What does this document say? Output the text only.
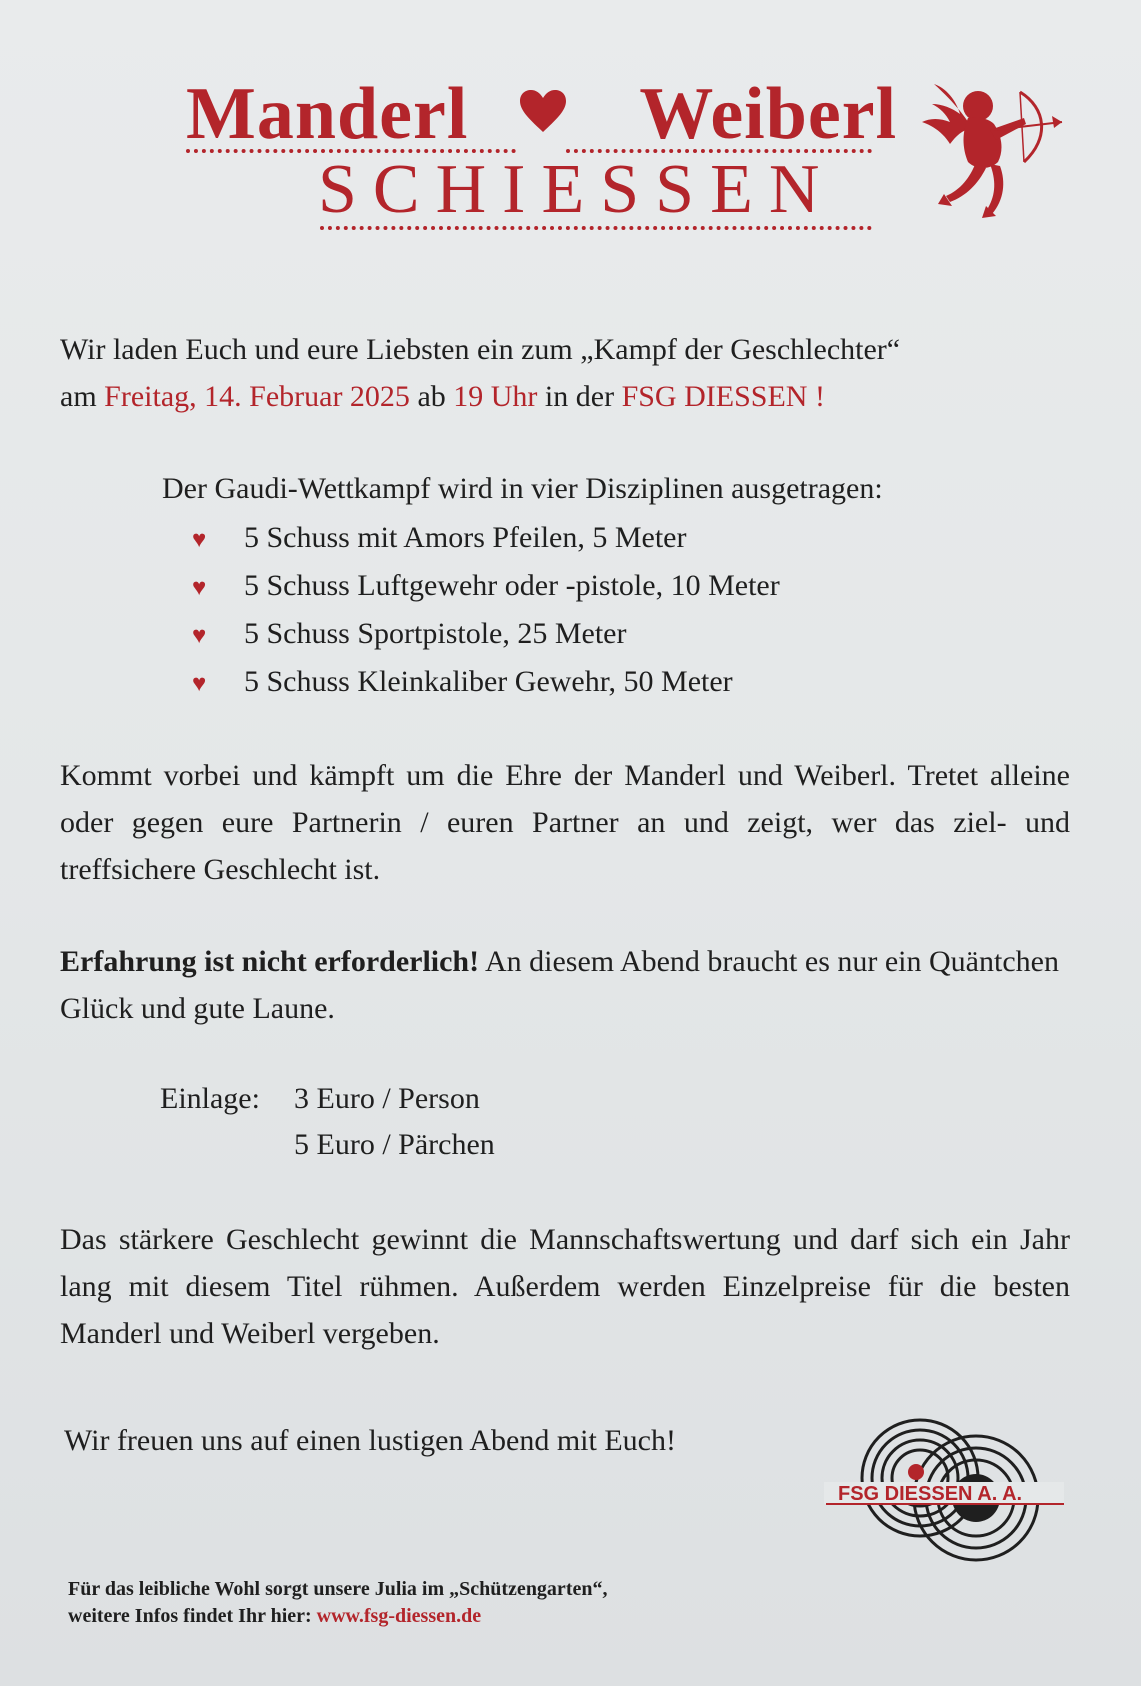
Manderl Weiberl
SCHIESSEN
Wir laden Euch und eure Liebsten ein zum „Kampf der Geschlechter“
am Freitag, 14. Februar 2025 ab 19 Uhr in der FSG DIESSEN !
Der Gaudi-Wettkampf wird in vier Disziplinen ausgetragen:
♥ 5 Schuss mit Amors Pfeilen, 5 Meter
♥ 5 Schuss Luftgewehr oder -pistole, 10 Meter
♥ 5 Schuss Sportpistole, 25 Meter
♥ 5 Schuss Kleinkaliber Gewehr, 50 Meter
Kommt vorbei und kämpft um die Ehre der Manderl und Weiberl. Tretet alleine oder gegen eure Partnerin / euren Partner an und zeigt, wer das ziel- und treffsichere Geschlecht ist.
Erfahrung ist nicht erforderlich! An diesem Abend braucht es nur ein Quäntchen Glück und gute Laune.
Einlage:	3 Euro / Person
5 Euro / Pärchen
Das stärkere Geschlecht gewinnt die Mannschaftswertung und darf sich ein Jahr lang mit diesem Titel rühmen. Außerdem werden Einzelpreise für die besten Manderl und Weiberl vergeben.
Wir freuen uns auf einen lustigen Abend mit Euch!
FSG DIESSEN A. A.
Für das leibliche Wohl sorgt unsere Julia im „Schützengarten“,
weitere Infos findet Ihr hier: www.fsg-diessen.de
